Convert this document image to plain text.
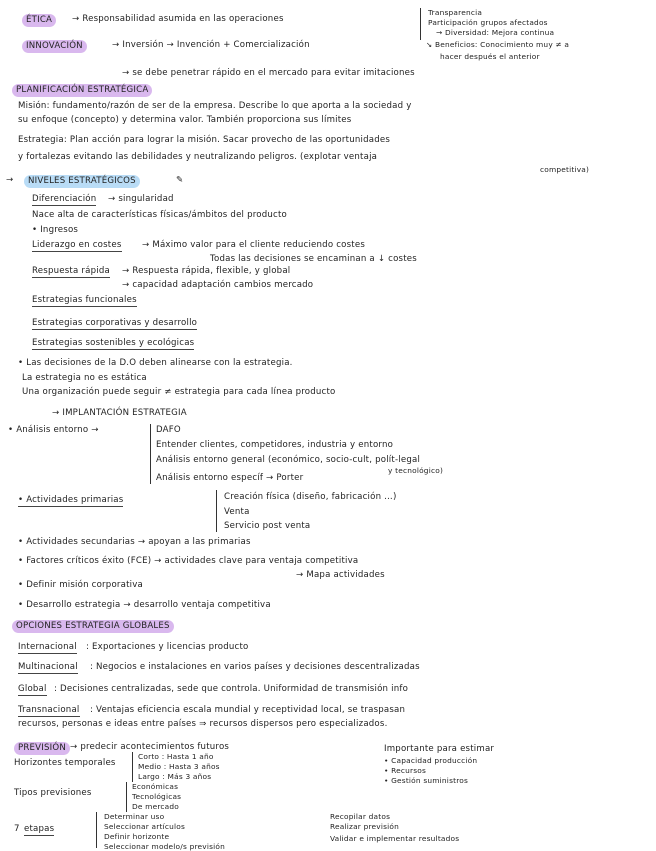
ÉTICA	→ Responsabilidad asumida en las operaciones
Transparencia
Participación grupos afectados
→ Diversidad: Mejora continua
INNOVACIÓN	→ Inversión → Invención + Comercialización	↘ Beneficios: Conocimiento muy ≠ a
hacer después el anterior
→ se debe penetrar rápido en el mercado para evitar imitaciones
PLANIFICACIÓN ESTRATÉGICA
Misión: fundamento/razón de ser de la empresa. Describe lo que aporta a la sociedad y
su enfoque (concepto) y determina valor. También proporciona sus límites
Estrategia: Plan acción para lograr la misión. Sacar provecho de las oportunidades
y fortalezas evitando las debilidades y neutralizando peligros. (explotar ventaja
competitiva)
→	NIVELES ESTRATÉGICOS	✎
Diferenciación → singularidad
Nace alta de características físicas/ámbitos del producto
• Ingresos
Liderazgo en costes → Máximo valor para el cliente reduciendo costes
Todas las decisiones se encaminan a ↓ costes
Respuesta rápida → Respuesta rápida, flexible, y global
→ capacidad adaptación cambios mercado
Estrategias funcionales
Estrategias corporativas y desarrollo
Estrategias sostenibles y ecológicas
• Las decisiones de la D.O deben alinearse con la estrategia.
La estrategia no es estática
Una organización puede seguir ≠ estrategia para cada línea producto
→ IMPLANTACIÓN ESTRATEGIA
• Análisis entorno →	DAFO
Entender clientes, competidores, industria y entorno
Análisis entorno general (económico, socio-cult, polít-legal
y tecnológico)
Análisis entorno específ → Porter
• Actividades primarias	Creación física (diseño, fabricación …)
Venta
Servicio post venta
• Actividades secundarias → apoyan a las primarias
• Factores críticos éxito (FCE) → actividades clave para ventaja competitiva
→ Mapa actividades
• Definir misión corporativa
• Desarrollo estrategia → desarrollo ventaja competitiva
OPCIONES ESTRATEGIA GLOBALES
Internacional : Exportaciones y licencias producto
Multinacional : Negocios e instalaciones en varios países y decisiones descentralizadas
Global : Decisiones centralizadas, sede que controla. Uniformidad de transmisión info
Transnacional : Ventajas eficiencia escala mundial y receptividad local, se traspasan
recursos, personas e ideas entre países ⇒ recursos dispersos pero especializados.
PREVISIÓN → predecir acontecimientos futuros	Importante para estimar
Horizontes temporales
Corto : Hasta 1 año
Medio : Hasta 3 años
Largo : Más 3 años
• Capacidad producción
• Recursos
• Gestión suministros
Tipos previsiones
Económicas
Tecnológicas
De mercado
7 etapas
Determinar uso
Seleccionar artículos
Definir horizonte
Seleccionar modelo/s previsión
Recopilar datos
Realizar previsión
Validar e implementar resultados
